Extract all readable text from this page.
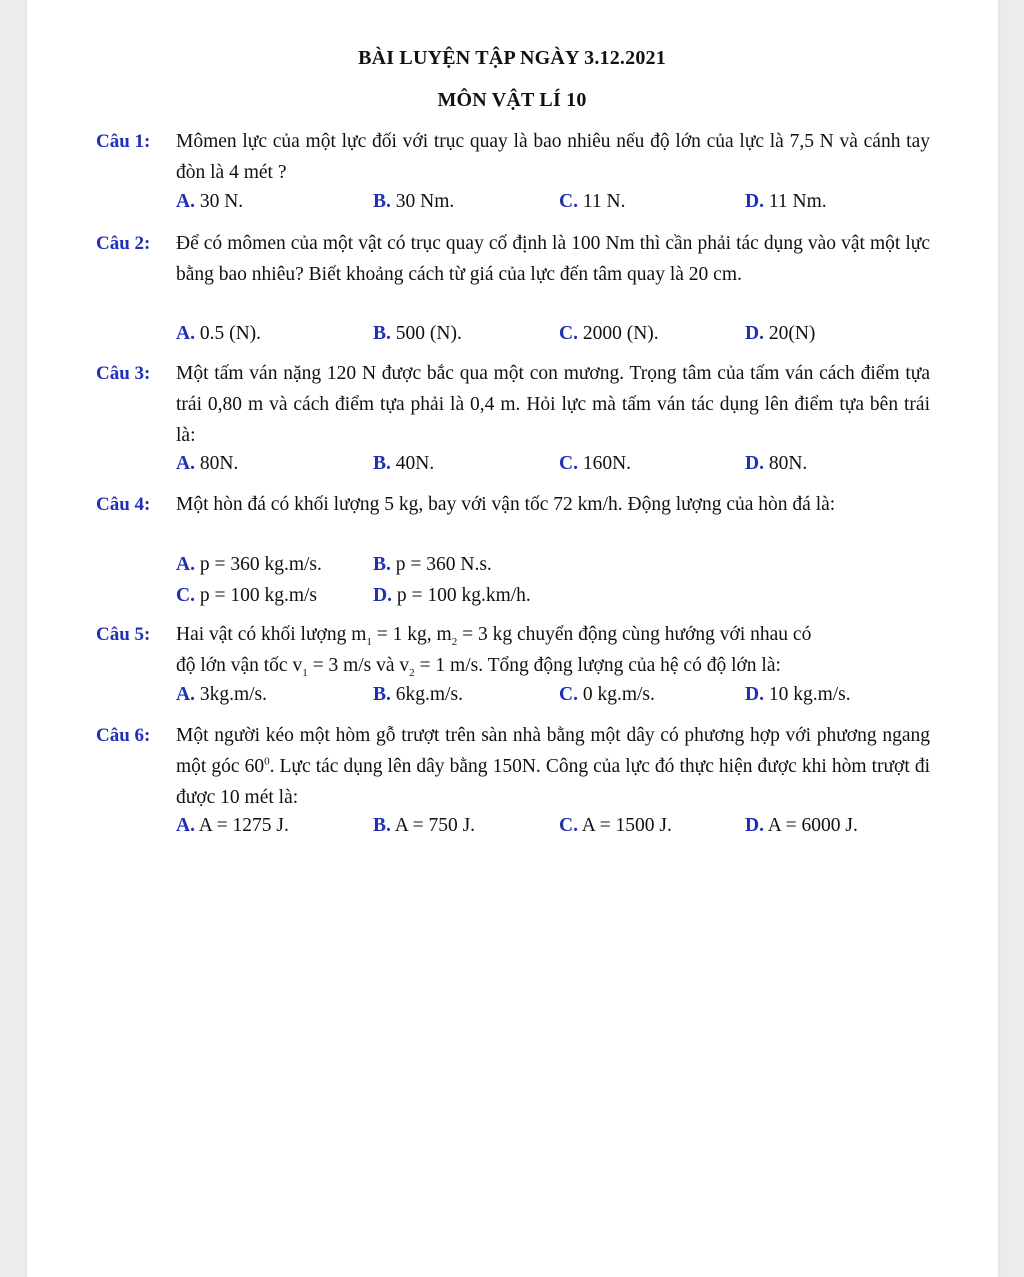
BÀI LUYỆN TẬP NGÀY 3.12.2021
MÔN VẬT LÍ 10
Câu 1: Mômen lực của một lực đối với trục quay là bao nhiêu nếu độ lớn của lực là 7,5 N và cánh tay đòn là 4 mét ?
A. 30 N.	B. 30 Nm.	C. 11 N.	D. 11 Nm.
Câu 2: Để có mômen của một vật có trục quay cố định là 100 Nm thì cần phải tác dụng vào vật một lực bằng bao nhiêu? Biết khoảng cách từ giá của lực đến tâm quay là 20 cm.
A. 0.5 (N).	B. 500 (N).	C. 2000 (N).	D. 20(N)
Câu 3: Một tấm ván nặng 120 N được bắc qua một con mương. Trọng tâm của tấm ván cách điểm tựa trái 0,80 m và cách điểm tựa phải là 0,4 m. Hỏi lực mà tấm ván tác dụng lên điểm tựa bên trái là:
A. 80N.	B. 40N.	C. 160N.	D. 80N.
Câu 4: Một hòn đá có khối lượng 5 kg, bay với vận tốc 72 km/h. Động lượng của hòn đá là:
A. p = 360 kg.m/s.	B. p = 360 N.s.
C. p = 100 kg.m/s	D. p = 100 kg.km/h.
Câu 5: Hai vật có khối lượng $m_1 = 1$ kg, $m_2 = 3$ kg chuyển động cùng hướng với nhau có
độ lớn vận tốc $v_1 = 3$ m/s và $v_2 = 1$ m/s. Tổng động lượng của hệ có độ lớn là:
A. 3kg.m/s.	B. 6kg.m/s.	C. 0 kg.m/s.	D. 10 kg.m/s.
Câu 6: Một người kéo một hòm gỗ trượt trên sàn nhà bằng một dây có phương hợp với phương ngang một góc $60^0$. Lực tác dụng lên dây bằng 150N. Công của lực đó thực hiện được khi hòm trượt đi được 10 mét là:
A. A = 1275 J.	B. A = 750 J.	C. A = 1500 J.	D. A = 6000 J.
